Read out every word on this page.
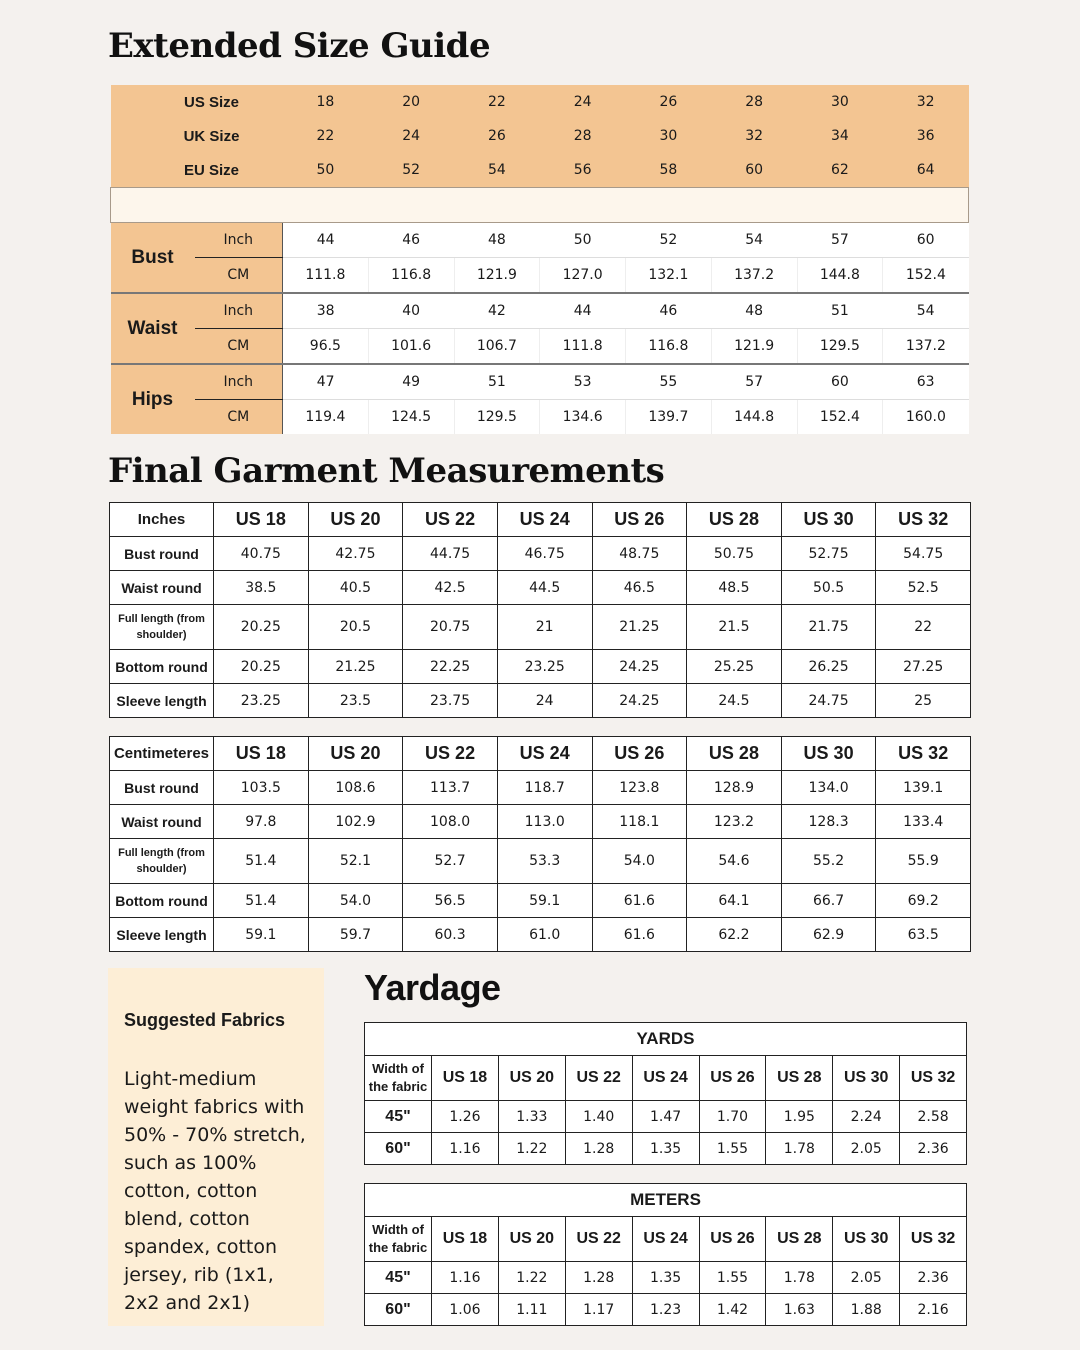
Extended Size Guide
US Size		18	20	22	24	26	28	30	32
UK Size		22	24	26	28	30	32	34	36
EU Size		50	52	54	56	58	60	62	64

Bust	Inch	44	46	48	50	52	54	57	60
	CM	111.8	116.8	121.9	127.0	132.1	137.2	144.8	152.4
Waist	Inch	38	40	42	44	46	48	51	54
	CM	96.5	101.6	106.7	111.8	116.8	121.9	129.5	137.2
Hips	Inch	47	49	51	53	55	57	60	63
	CM	119.4	124.5	129.5	134.6	139.7	144.8	152.4	160.0
Final Garment Measurements
Inches	US 18	US 20	US 22	US 24	US 26	US 28	US 30	US 32
Bust round	40.75	42.75	44.75	46.75	48.75	50.75	52.75	54.75
Waist round	38.5	40.5	42.5	44.5	46.5	48.5	50.5	52.5
Full length (from shoulder)	20.25	20.5	20.75	21	21.25	21.5	21.75	22
Bottom round	20.25	21.25	22.25	23.25	24.25	25.25	26.25	27.25
Sleeve length	23.25	23.5	23.75	24	24.25	24.5	24.75	25
Centimeteres	US 18	US 20	US 22	US 24	US 26	US 28	US 30	US 32
Bust round	103.5	108.6	113.7	118.7	123.8	128.9	134.0	139.1
Waist round	97.8	102.9	108.0	113.0	118.1	123.2	128.3	133.4
Full length (from shoulder)	51.4	52.1	52.7	53.3	54.0	54.6	55.2	55.9
Bottom round	51.4	54.0	56.5	59.1	61.6	64.1	66.7	69.2
Sleeve length	59.1	59.7	60.3	61.0	61.6	62.2	62.9	63.5

Suggested Fabrics

Light-medium weight fabrics with 50% - 70% stretch, such as 100% cotton, cotton blend, cotton spandex, cotton jersey, rib (1x1, 2x2 and 2x1)

Yardage
YARDS								
Width of the fabric	US 18	US 20	US 22	US 24	US 26	US 28	US 30	US 32
45"	1.26	1.33	1.40	1.47	1.70	1.95	2.24	2.58
60"	1.16	1.22	1.28	1.35	1.55	1.78	2.05	2.36
METERS								
Width of the fabric	US 18	US 20	US 22	US 24	US 26	US 28	US 30	US 32
45"	1.16	1.22	1.28	1.35	1.55	1.78	2.05	2.36
60"	1.06	1.11	1.17	1.23	1.42	1.63	1.88	2.16
